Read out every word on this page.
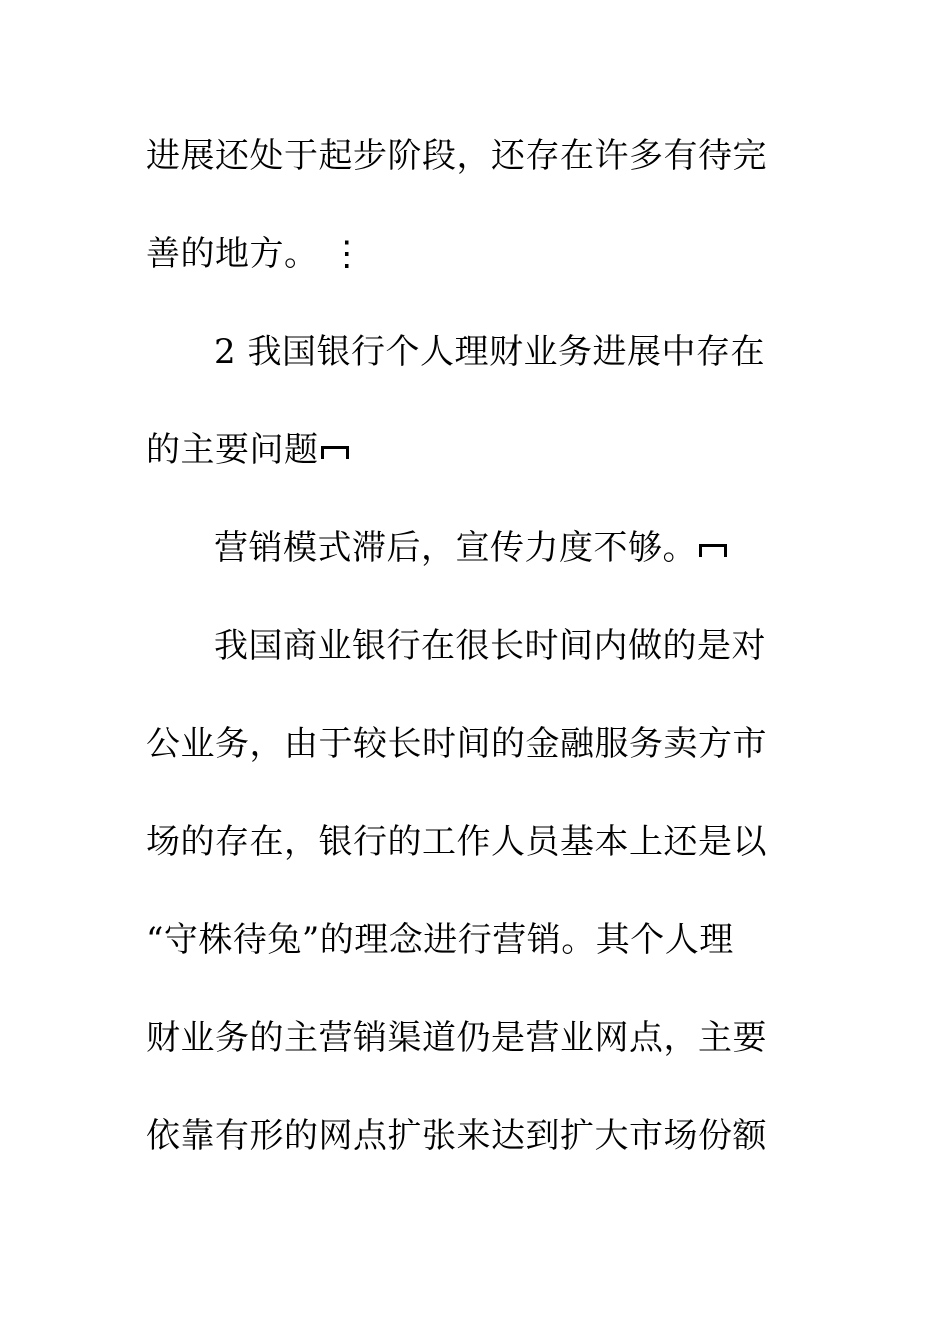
进展还处于起步阶段，还存在许多有待完
善的地方。 ⋮
2 我国银行个人理财业务进展中存在
的主要问题
营销模式滞后，宣传力度不够。
我国商业银行在很长时间内做的是对
公业务，由于较长时间的金融服务卖方市
场的存在，银行的工作人员基本上还是以
“守株待兔”的理念进行营销。其个人理
财业务的主营销渠道仍是营业网点，主要
依靠有形的网点扩张来达到扩大市场份额
